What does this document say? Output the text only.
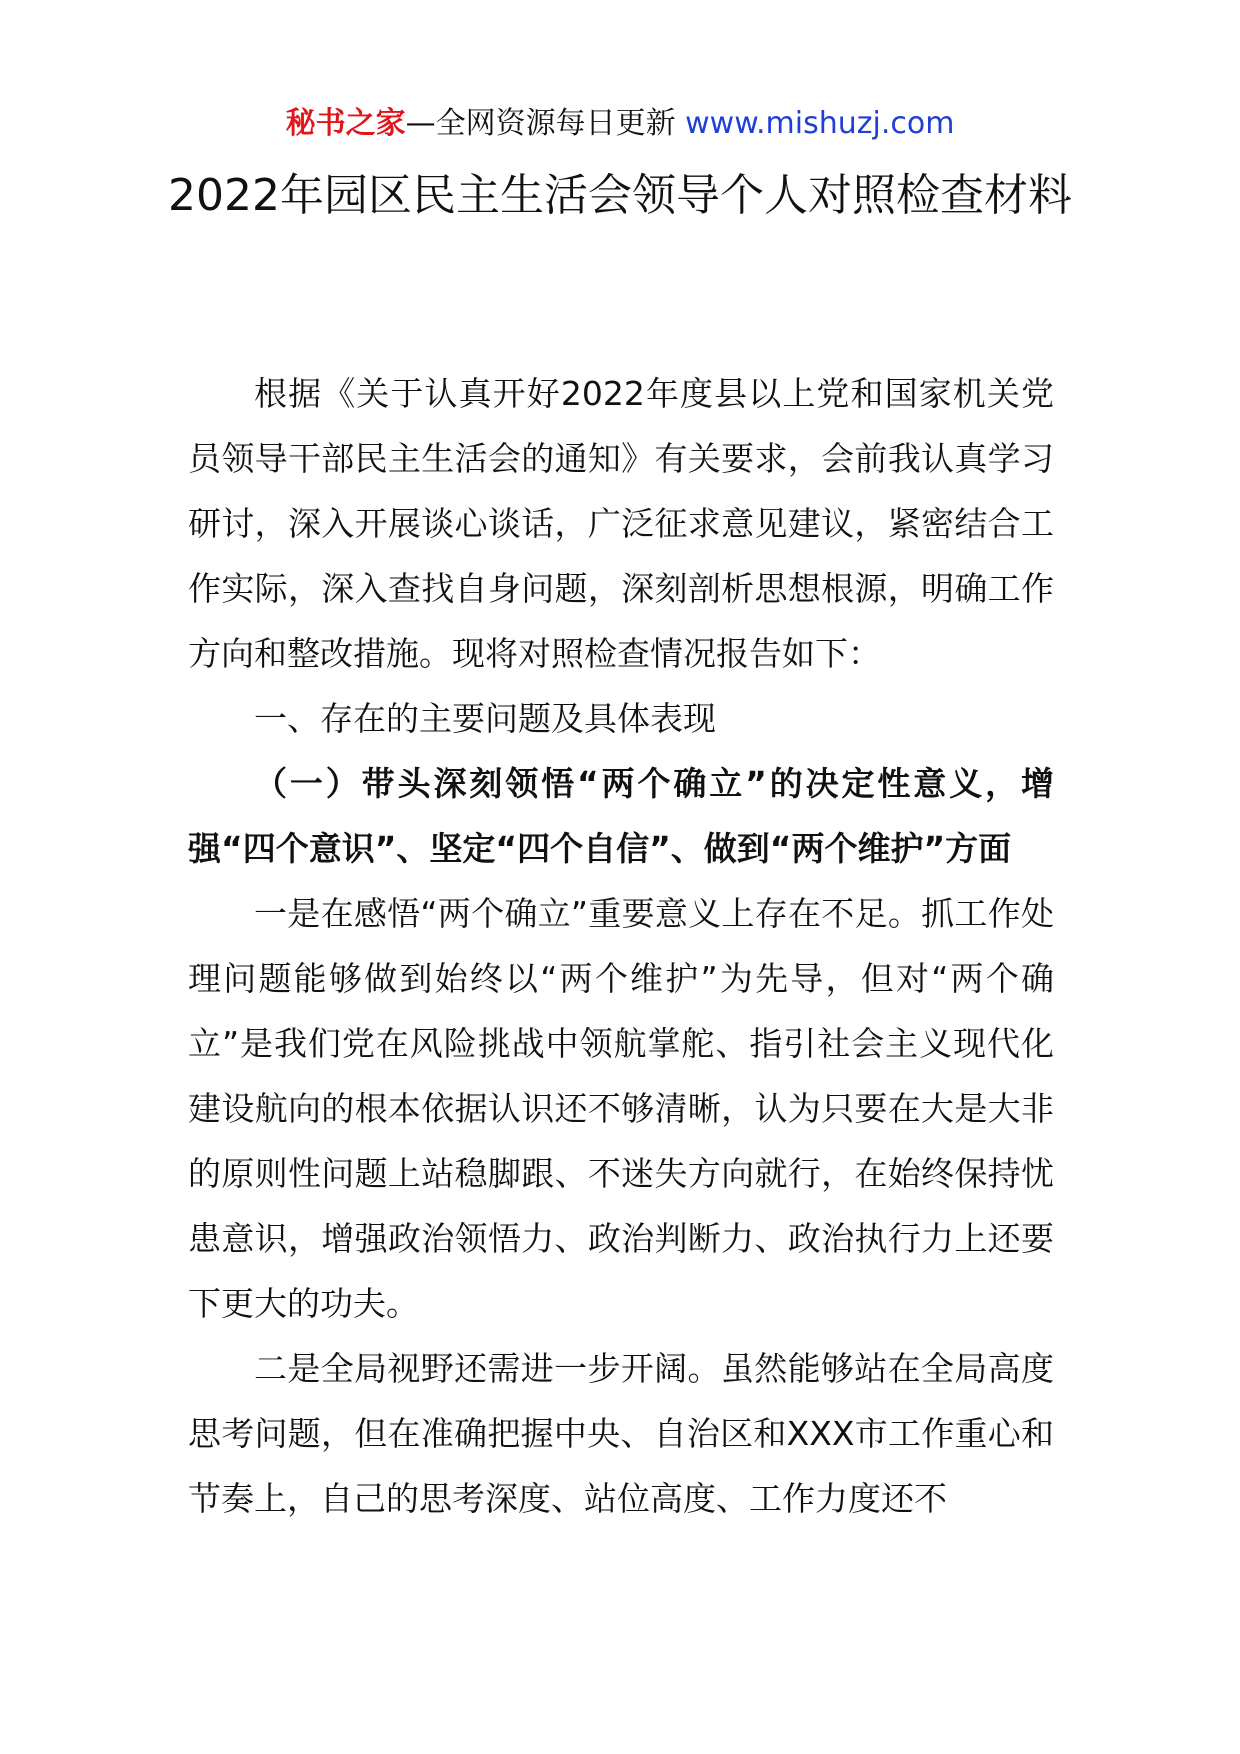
秘书之家—全网资源每日更新 www.mishuzj.com
2022年园区民主生活会领导个人对照检查材料

根据《关于认真开好2022年度县以上党和国家机关党员领导干部民主生活会的通知》有关要求，会前我认真学习研讨，深入开展谈心谈话，广泛征求意见建议，紧密结合工作实际，深入查找自身问题，深刻剖析思想根源，明确工作方向和整改措施。现将对照检查情况报告如下：

一、存在的主要问题及具体表现

（一）带头深刻领悟“两个确立”的决定性意义，增强“四个意识”、坚定“四个自信”、做到“两个维护”方面

一是在感悟“两个确立”重要意义上存在不足。抓工作处理问题能够做到始终以“两个维护”为先导，但对“两个确立”是我们党在风险挑战中领航掌舵、指引社会主义现代化建设航向的根本依据认识还不够清晰，认为只要在大是大非的原则性问题上站稳脚跟、不迷失方向就行，在始终保持忧患意识，增强政治领悟力、政治判断力、政治执行力上还要下更大的功夫。

二是全局视野还需进一步开阔。虽然能够站在全局高度思考问题，但在准确把握中央、自治区和XXX市工作重心和节奏上，自己的思考深度、站位高度、工作力度还不
